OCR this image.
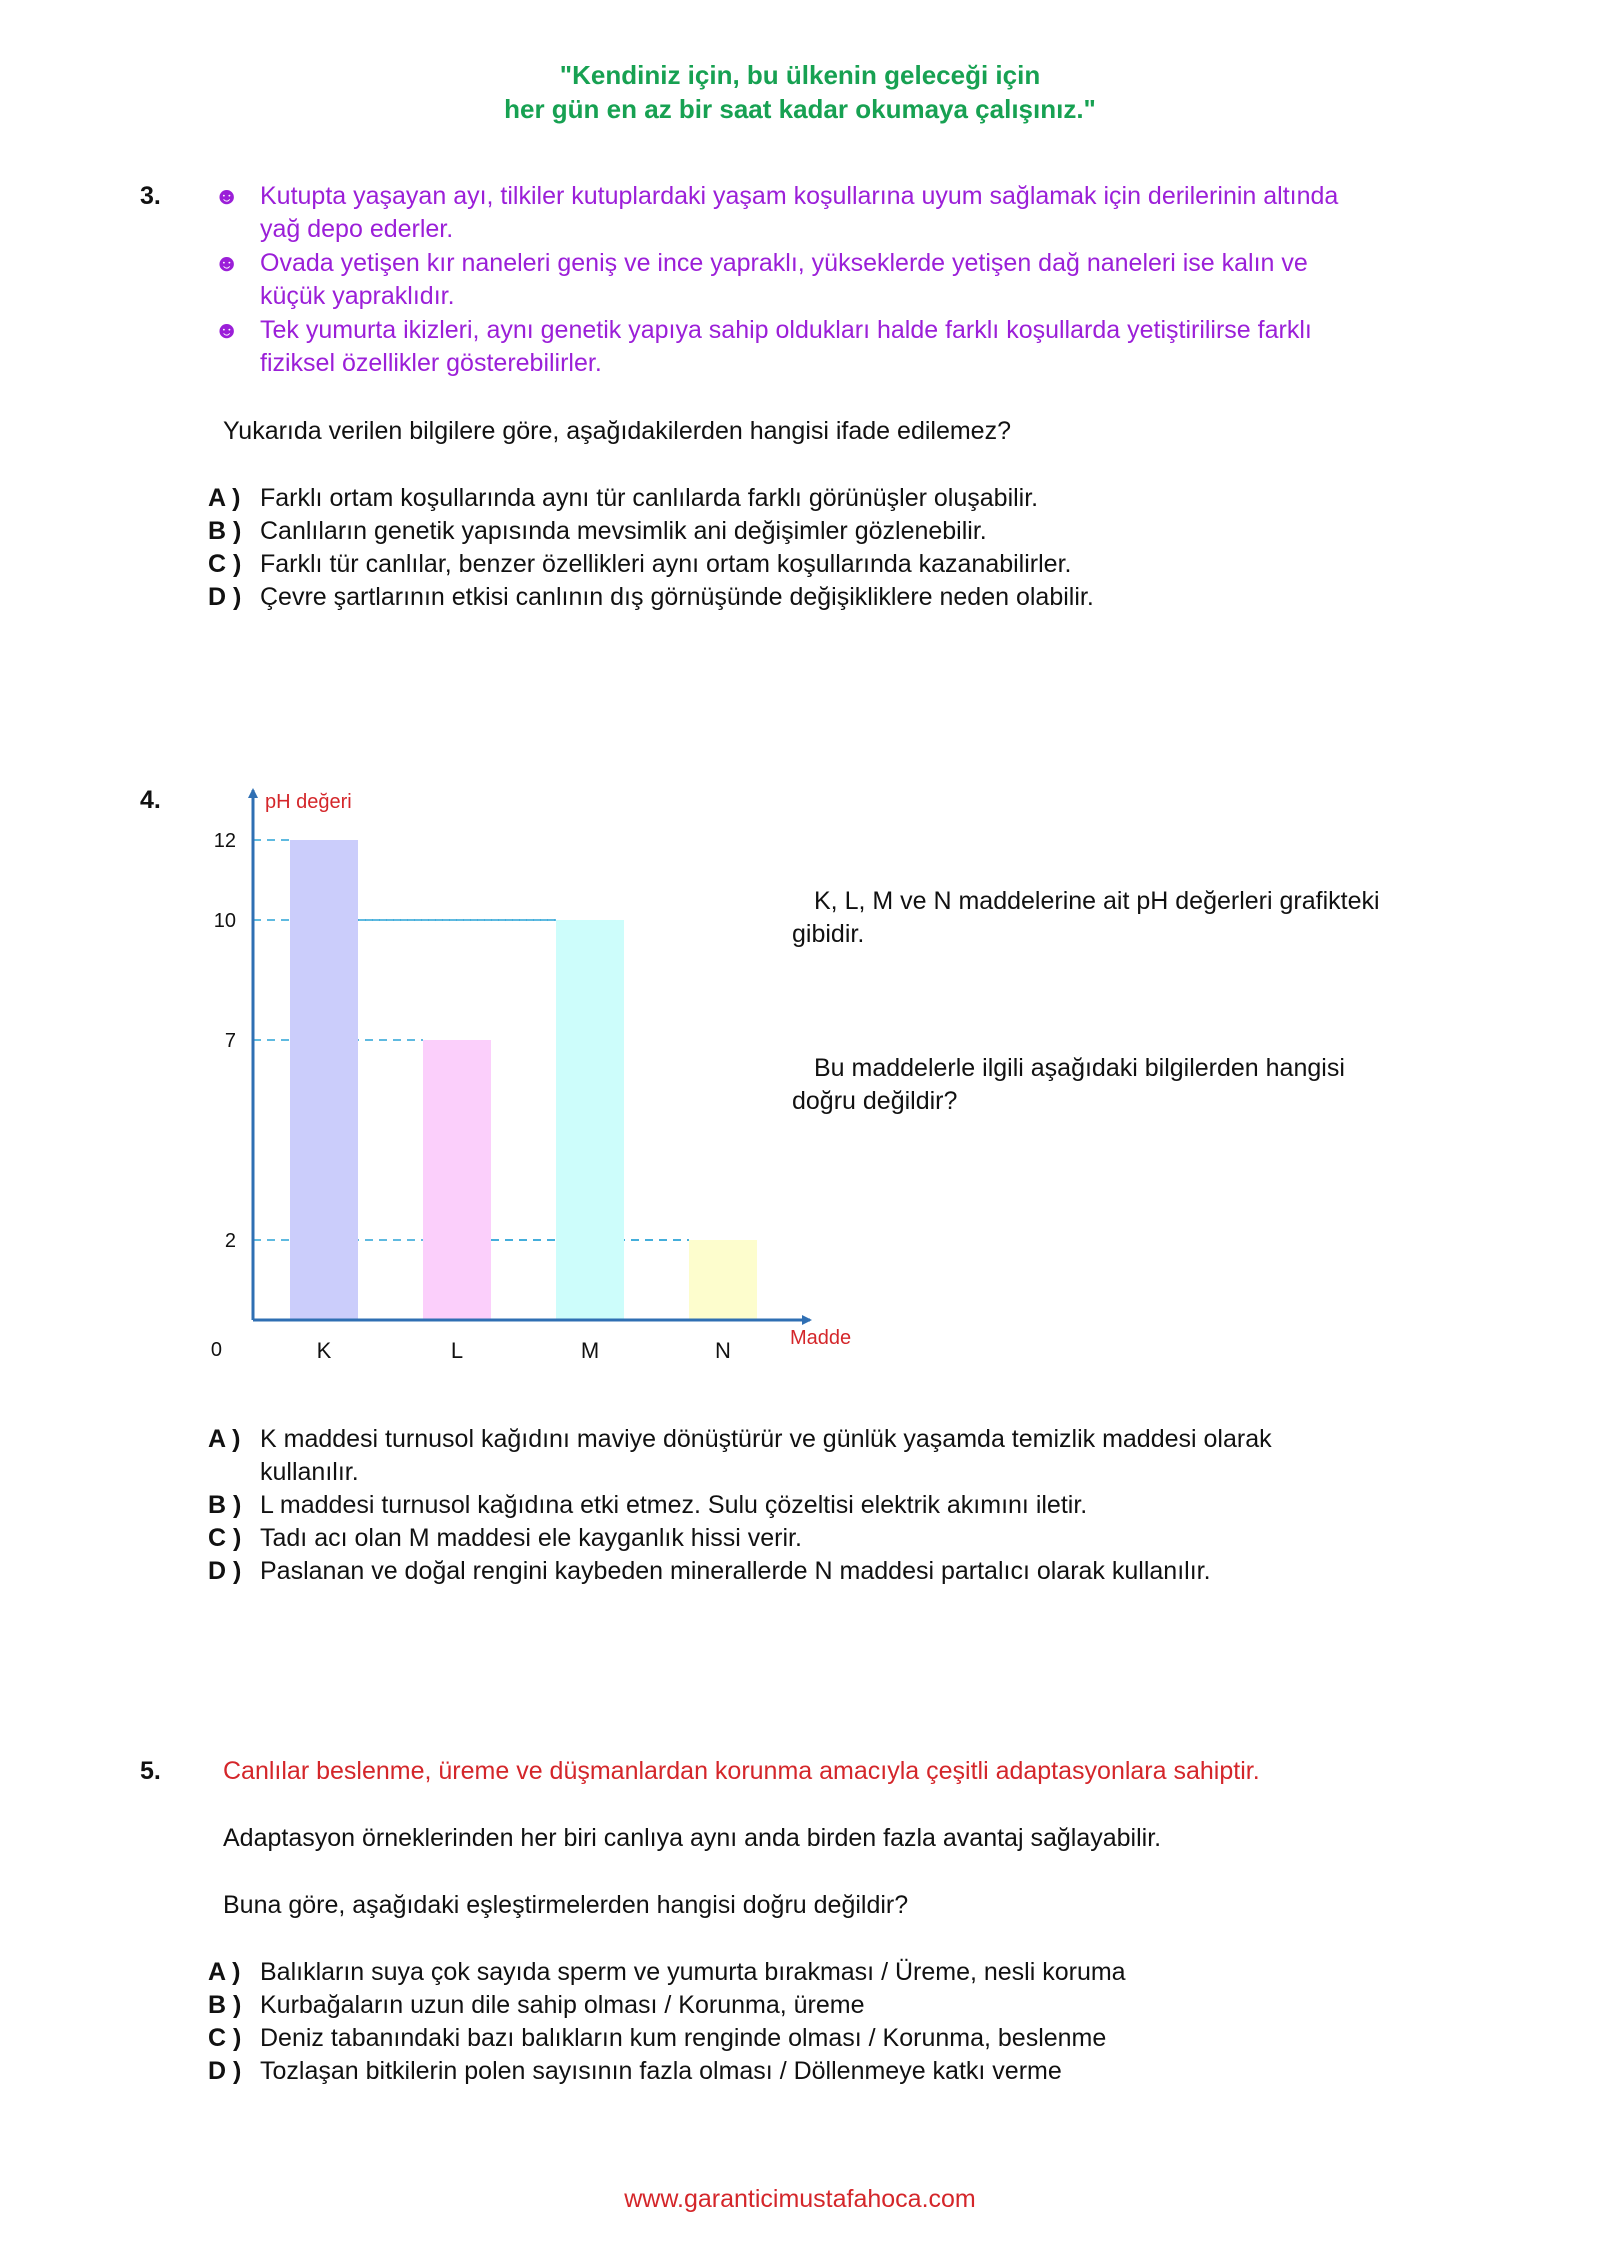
"Kendiniz için, bu ülkenin geleceği için
her gün en az bir saat kadar okumaya çalışınız."
3. ☻ Kutupta yaşayan ayı, tilkiler kutuplardaki yaşam koşullarına uyum sağlamak için derilerinin altında
yağ depo ederler.
☻ Ovada yetişen kır naneleri geniş ve ince yapraklı, yükseklerde yetişen dağ naneleri ise kalın ve
küçük yapraklıdır.
☻ Tek yumurta ikizleri, aynı genetik yapıya sahip oldukları halde farklı koşullarda yetiştirilirse farklı
fiziksel özellikler gösterebilirler.
Yukarıda verilen bilgilere göre, aşağıdakilerden hangisi ifade edilemez?
A ) Farklı ortam koşullarında aynı tür canlılarda farklı görünüşler oluşabilir.
B ) Canlıların genetik yapısında mevsimlik ani değişimler gözlenebilir.
C ) Farklı tür canlılar, benzer özellikleri aynı ortam koşullarında kazanabilirler.
D ) Çevre şartlarının etkisi canlının dış görnüşünde değişikliklere neden olabilir.
4.
0
2
7
10
12
K	L	M	N
pH değeri
Madde
K, L, M ve N maddelerine ait pH değerleri grafikteki
gibidir.
Bu maddelerle ilgili aşağıdaki bilgilerden hangisi
doğru değildir?
A ) K maddesi turnusol kağıdını maviye dönüştürür ve günlük yaşamda temizlik maddesi olarak
kullanılır.
B ) L maddesi turnusol kağıdına etki etmez. Sulu çözeltisi elektrik akımını iletir.
C ) Tadı acı olan M maddesi ele kayganlık hissi verir.
D ) Paslanan ve doğal rengini kaybeden minerallerde N maddesi partalıcı olarak kullanılır.
5. Canlılar beslenme, üreme ve düşmanlardan korunma amacıyla çeşitli adaptasyonlara sahiptir.
Adaptasyon örneklerinden her biri canlıya aynı anda birden fazla avantaj sağlayabilir.
Buna göre, aşağıdaki eşleştirmelerden hangisi doğru değildir?
A ) Balıkların suya çok sayıda sperm ve yumurta bırakması / Üreme, nesli koruma
B ) Kurbağaların uzun dile sahip olması / Korunma, üreme
C ) Deniz tabanındaki bazı balıkların kum renginde olması / Korunma, beslenme
D ) Tozlaşan bitkilerin polen sayısının fazla olması / Döllenmeye katkı verme
www.garanticimustafahoca.com
